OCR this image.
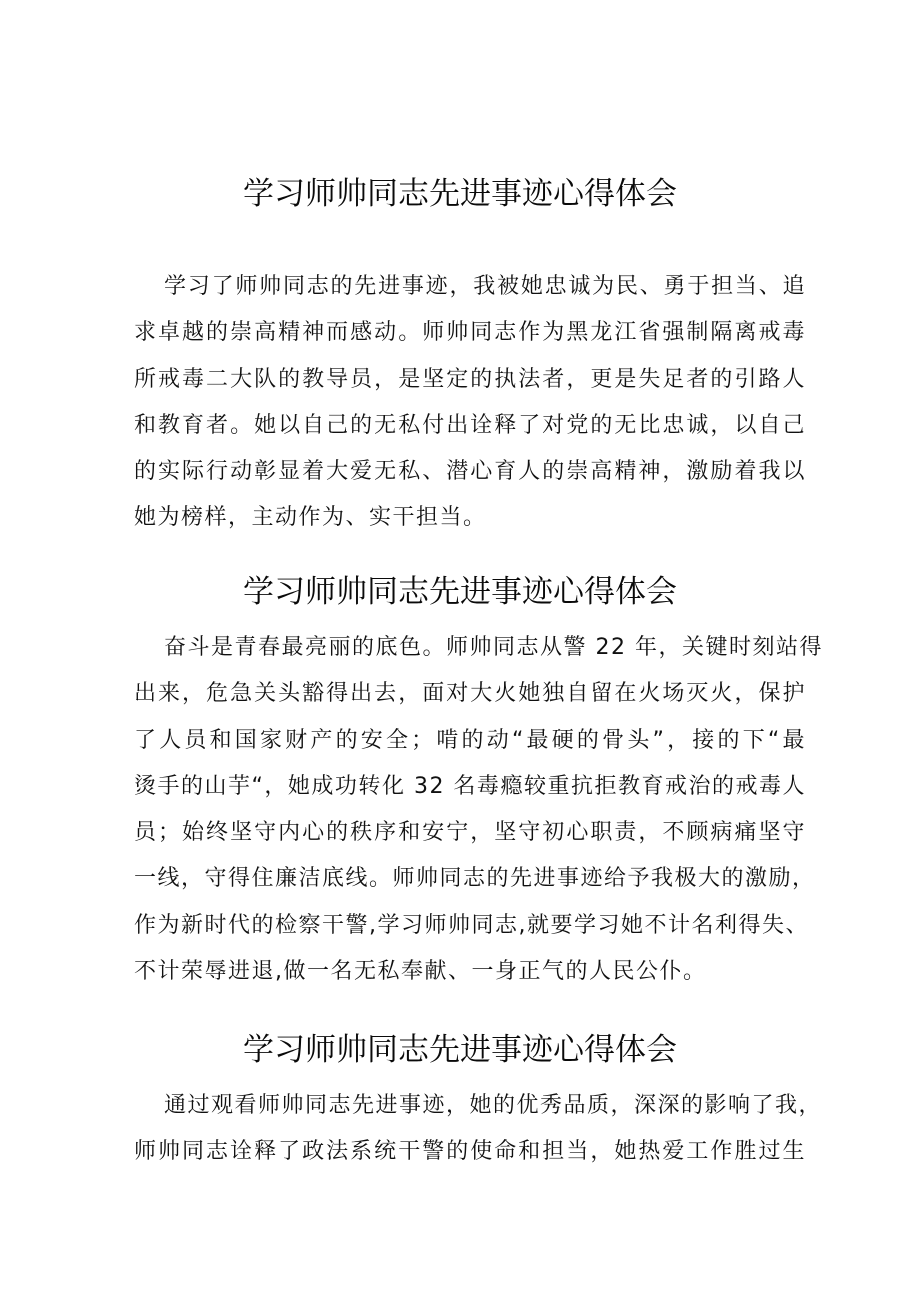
学习师帅同志先进事迹心得体会
学习了师帅同志的先进事迹，我被她忠诚为民、勇于担当、追
求卓越的崇高精神而感动。师帅同志作为黑龙江省强制隔离戒毒
所戒毒二大队的教导员，是坚定的执法者，更是失足者的引路人
和教育者。她以自己的无私付出诠释了对党的无比忠诚，以自己
的实际行动彰显着大爱无私、潜心育人的崇高精神，激励着我以
她为榜样，主动作为、实干担当。
学习师帅同志先进事迹心得体会
奋斗是青春最亮丽的底色。师帅同志从警 22 年，关键时刻站得
出来，危急关头豁得出去，面对大火她独自留在火场灭火，保护
了人员和国家财产的安全；啃的动“最硬的骨头”，接的下“最
烫手的山芋“，她成功转化 32 名毒瘾较重抗拒教育戒治的戒毒人
员；始终坚守内心的秩序和安宁，坚守初心职责，不顾病痛坚守
一线，守得住廉洁底线。师帅同志的先进事迹给予我极大的激励，
作为新时代的检察干警,学习师帅同志,就要学习她不计名利得失、
不计荣辱进退,做一名无私奉献、一身正气的人民公仆。
学习师帅同志先进事迹心得体会
通过观看师帅同志先进事迹，她的优秀品质，深深的影响了我，
师帅同志诠释了政法系统干警的使命和担当，她热爱工作胜过生
